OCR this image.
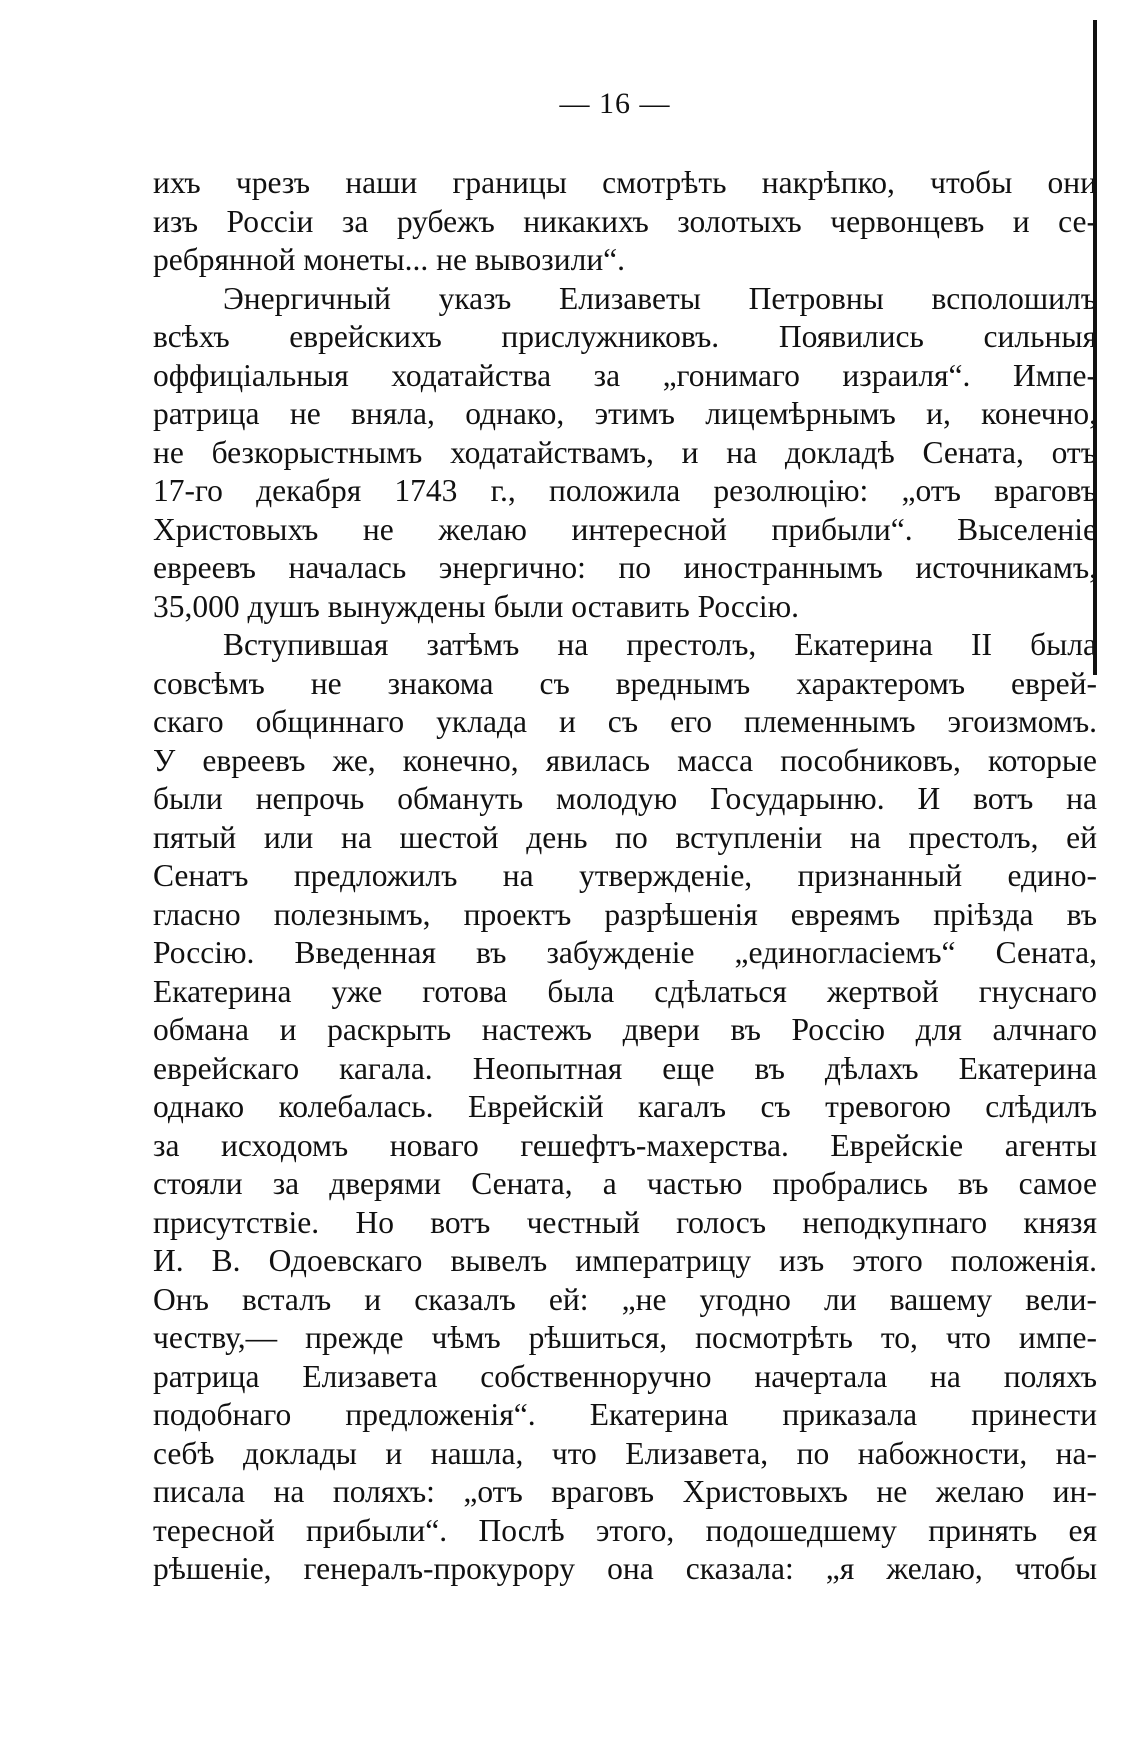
— 16 —
ихъ чрезъ наши границы смотрѣть накрѣпко, чтобы они
изъ Россіи за рубежъ никакихъ золотыхъ червонцевъ и се-
ребрянной монеты... не вывозили“.
Энергичный указъ Елизаветы Петровны всполошилъ
всѣхъ еврейскихъ прислужниковъ. Появились сильныя
оффиціальныя ходатайства за „гонимаго израиля“. Импе-
ратрица не вняла, однако, этимъ лицемѣрнымъ и, конечно,
не безкорыстнымъ ходатайствамъ, и на докладѣ Сената, отъ
17-го декабря 1743 г., положила резолюцію: „отъ враговъ
Христовыхъ не желаю интересной прибыли“. Выселеніе
евреевъ началась энергично: по иностраннымъ источникамъ,
35,000 душъ вынуждены были оставить Россію.
Вступившая затѣмъ на престолъ, Екатерина II была
совсѣмъ не знакома съ вреднымъ характеромъ еврей-
скаго общиннаго уклада и съ его племеннымъ эгоизмомъ.
У евреевъ же, конечно, явилась масса пособниковъ, которые
были непрочь обмануть молодую Государыню. И вотъ на
пятый или на шестой день по вступленіи на престолъ, ей
Сенатъ предложилъ на утвержденіе, признанный едино-
гласно полезнымъ, проектъ разрѣшенія евреямъ пріѣзда въ
Россію. Введенная въ забужденіе „единогласіемъ“ Сената,
Екатерина уже готова была сдѣлаться жертвой гнуснаго
обмана и раскрыть настежъ двери въ Россію для алчнаго
еврейскаго кагала. Неопытная еще въ дѣлахъ Екатерина
однако колебалась. Еврейскій кагалъ съ тревогою слѣдилъ
за исходомъ новаго гешефтъ-махерства. Еврейскіе агенты
стояли за дверями Сената, а частью пробрались въ самое
присутствіе. Но вотъ честный голосъ неподкупнаго князя
И. В. Одоевскаго вывелъ императрицу изъ этого положенія.
Онъ всталъ и сказалъ ей: „не угодно ли вашему вели-
честву,— прежде чѣмъ рѣшиться, посмотрѣть то, что импе-
ратрица Елизавета собственноручно начертала на поляхъ
подобнаго предложенія“. Екатерина приказала принести
себѣ доклады и нашла, что Елизавета, по набожности, на-
писала на поляхъ: „отъ враговъ Христовыхъ не желаю ин-
тересной прибыли“. Послѣ этого, подошедшему принять ея
рѣшеніе, генералъ-прокурору она сказала: „я желаю, чтобы
